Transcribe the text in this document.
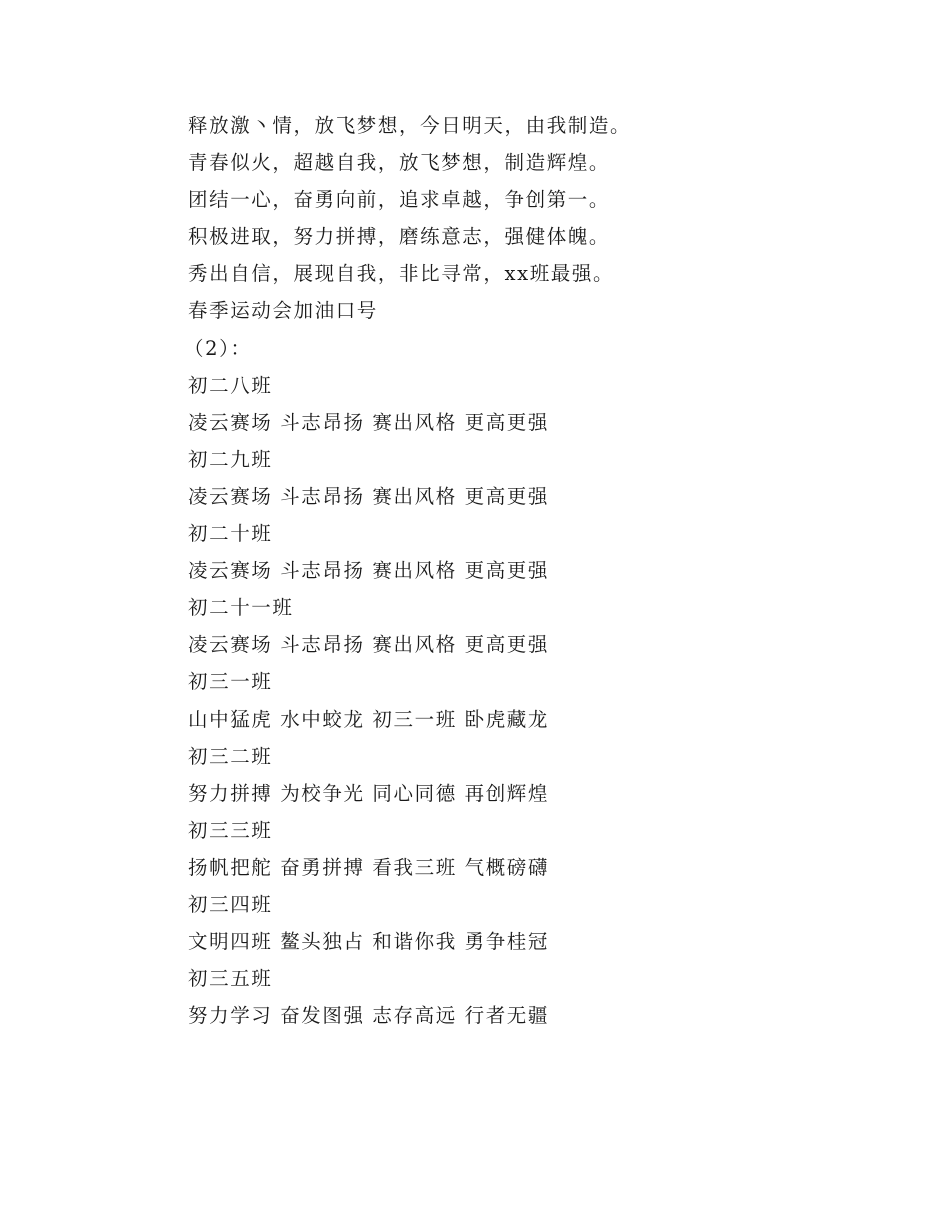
释放激丶情，放飞梦想，今日明天，由我制造。
青春似火，超越自我，放飞梦想，制造辉煌。
团结一心，奋勇向前，追求卓越，争创第一。
积极进取，努力拼搏，磨练意志，强健体魄。
秀出自信，展现自我，非比寻常，xx班最强。
春季运动会加油口号
（2）：
初二八班
凌云赛场 斗志昂扬 赛出风格 更高更强
初二九班
凌云赛场 斗志昂扬 赛出风格 更高更强
初二十班
凌云赛场 斗志昂扬 赛出风格 更高更强
初二十一班
凌云赛场 斗志昂扬 赛出风格 更高更强
初三一班
山中猛虎 水中蛟龙 初三一班 卧虎藏龙
初三二班
努力拼搏 为校争光 同心同德 再创辉煌
初三三班
扬帆把舵 奋勇拼搏 看我三班 气概磅礴
初三四班
文明四班 鳌头独占 和谐你我 勇争桂冠
初三五班
努力学习 奋发图强 志存高远 行者无疆
